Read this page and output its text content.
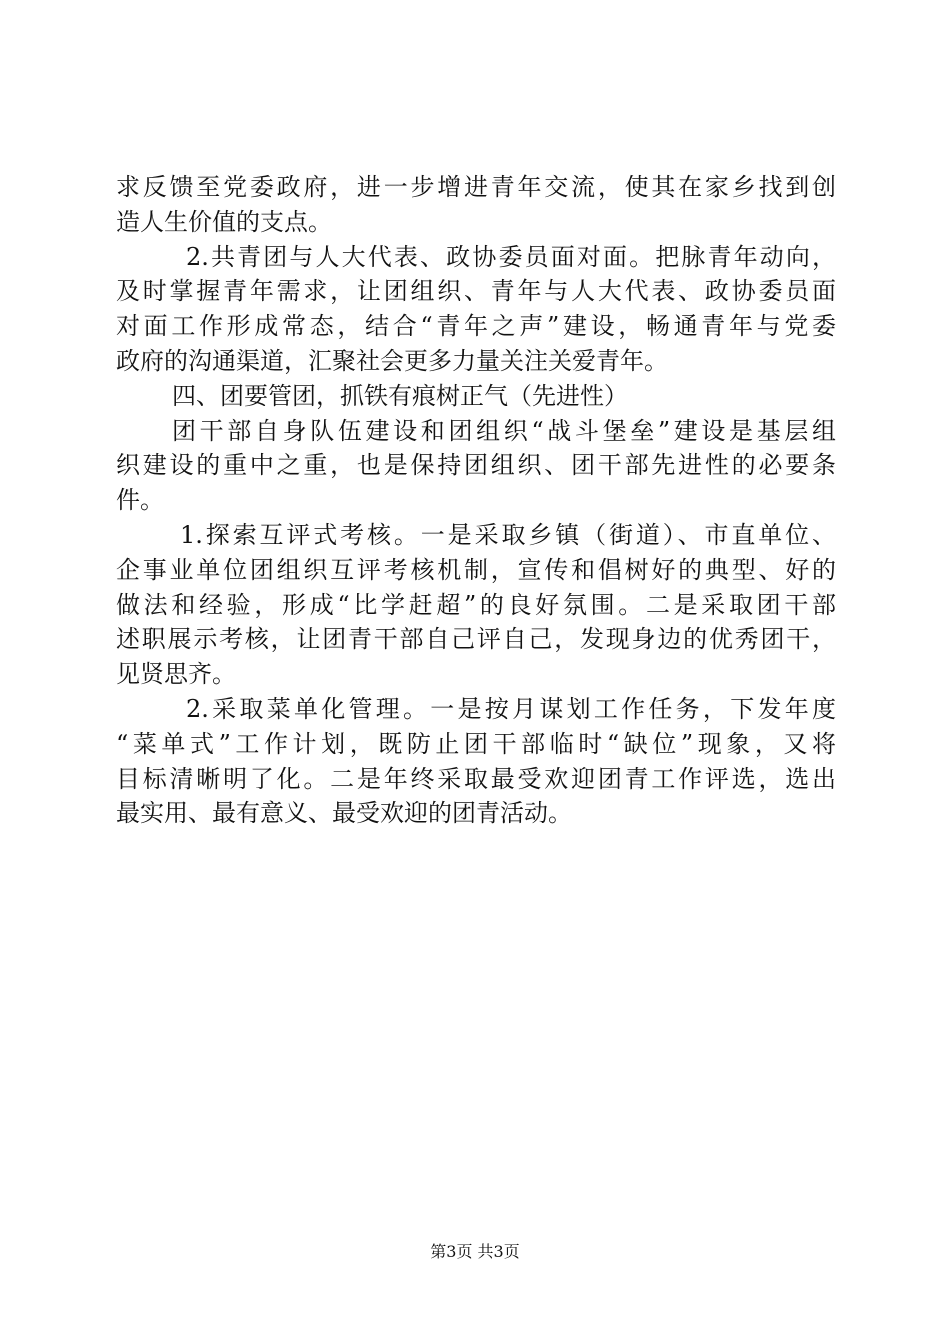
求反馈至党委政府，进一步增进青年交流，使其在家乡找到创
造人生价值的支点。
2.共青团与人大代表、政协委员面对面。把脉青年动向，
及时掌握青年需求，让团组织、青年与人大代表、政协委员面
对面工作形成常态，结合“青年之声”建设，畅通青年与党委
政府的沟通渠道，汇聚社会更多力量关注关爱青年。
四、团要管团，抓铁有痕树正气（先进性）
团干部自身队伍建设和团组织“战斗堡垒”建设是基层组
织建设的重中之重，也是保持团组织、团干部先进性的必要条
件。
1.探索互评式考核。一是采取乡镇（街道）、市直单位、
企事业单位团组织互评考核机制，宣传和倡树好的典型、好的
做法和经验，形成“比学赶超”的良好氛围。二是采取团干部
述职展示考核，让团青干部自己评自己，发现身边的优秀团干，
见贤思齐。
2.采取菜单化管理。一是按月谋划工作任务，下发年度
“菜单式”工作计划，既防止团干部临时“缺位”现象，又将
目标清晰明了化。二是年终采取最受欢迎团青工作评选，选出
最实用、最有意义、最受欢迎的团青活动。
第3页 共3页
